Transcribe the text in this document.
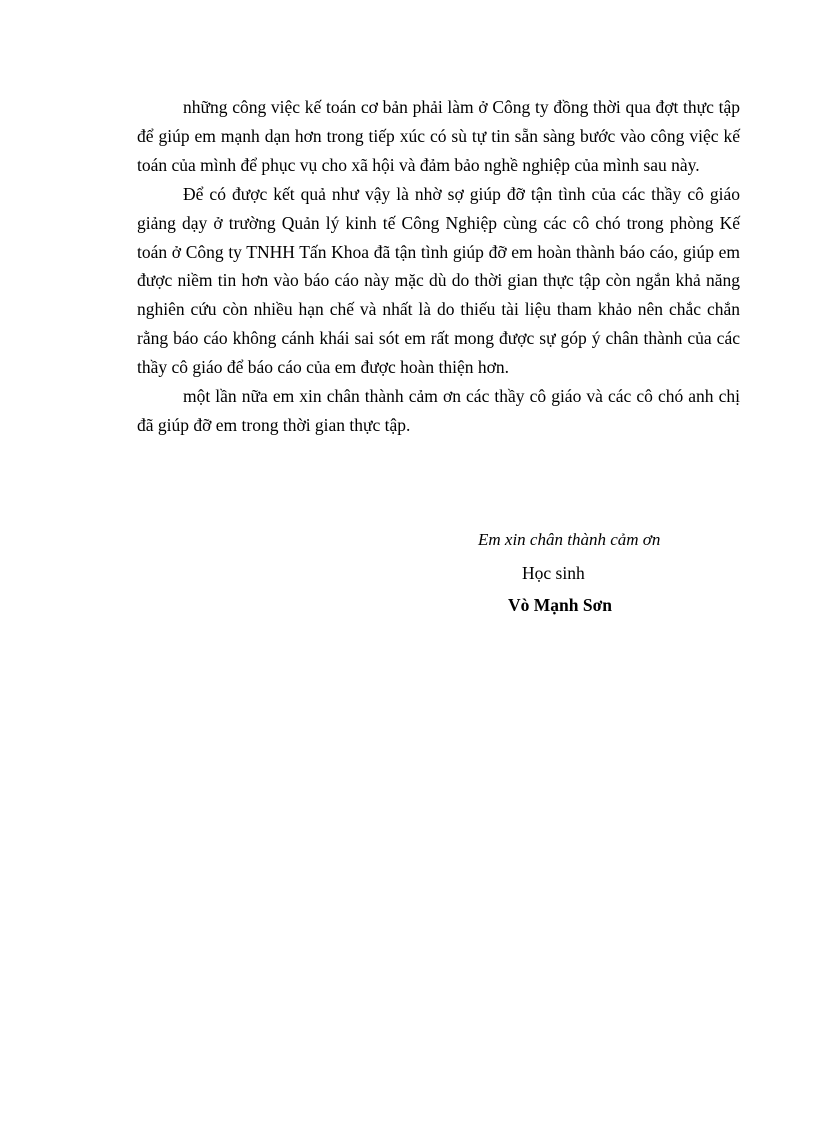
những công việc kế toán cơ bản phải làm ở Công ty đồng thời qua đợt thực tập để giúp em mạnh dạn hơn trong tiếp xúc có sù tự tin sẵn sàng bước vào công việc kế toán của mình để phục vụ cho xã hội và đảm bảo nghề nghiệp của mình sau này.

Để có được kết quả như vậy là nhờ sợ giúp đỡ tận tình của các thầy cô giáo giảng dạy ở trường Quản lý kinh tế Công Nghiệp cùng các cô chó trong phòng Kế toán ở Công ty TNHH Tấn Khoa đã tận tình giúp đỡ em hoàn thành báo cáo, giúp em được niềm tin hơn vào báo cáo này mặc dù do thời gian thực tập còn ngắn khả năng nghiên cứu còn nhiều hạn chế và nhất là do thiếu tài liệu tham khảo nên chắc chắn rằng báo cáo không cánh khái sai sót em rất mong được sự góp ý chân thành của các thầy cô giáo để báo cáo của em được hoàn thiện hơn.

một lần nữa em xin chân thành cảm ơn các thầy cô giáo và các cô chó anh chị đã giúp đỡ em trong thời gian thực tập.

Em xin chân thành cảm ơn
Học sinh
Vò Mạnh Sơn
